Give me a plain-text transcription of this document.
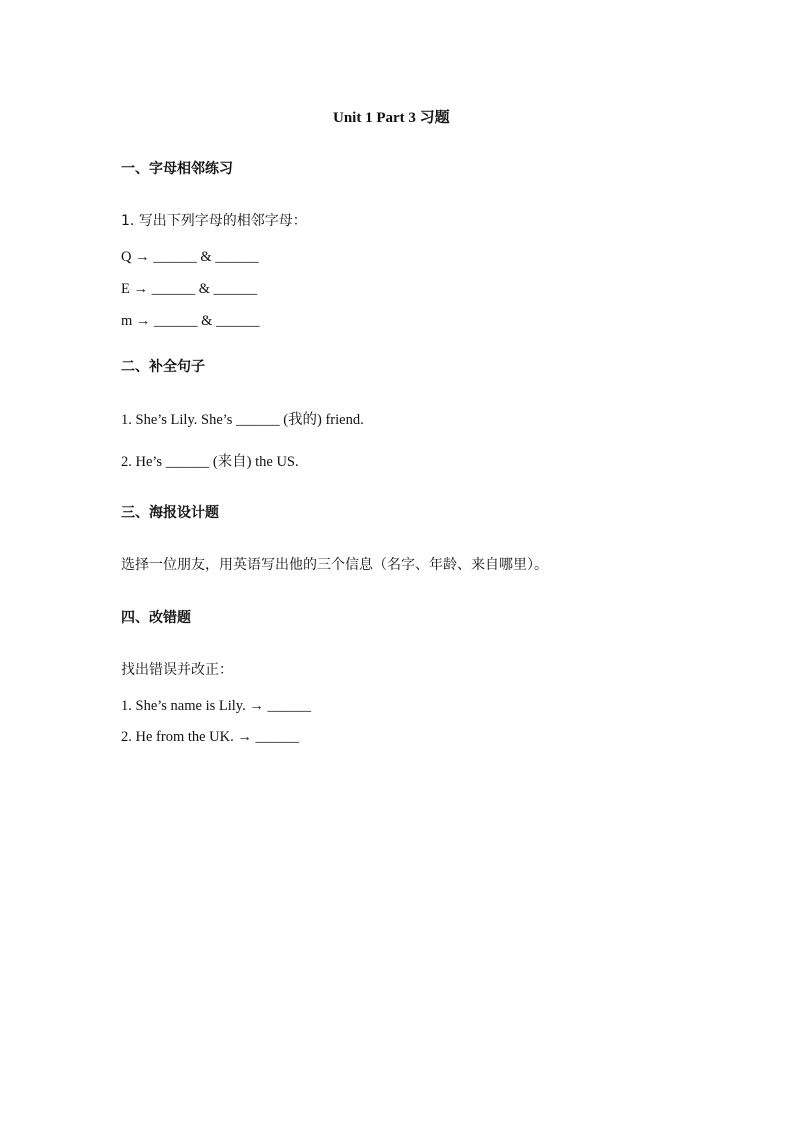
Unit 1 Part 3 习题
一、字母相邻练习
1. 写出下列字母的相邻字母：
Q → ______ & ______
E → ______ & ______
m → ______ & ______
二、补全句子
1. She’s Lily. She’s ______ (我的) friend.
2. He’s ______ (来自) the US.
三、海报设计题
选择一位朋友，用英语写出他的三个信息（名字、年龄、来自哪里）。
四、改错题
找出错误并改正：
1. She’s name is Lily. → ______
2. He from the UK. → ______
